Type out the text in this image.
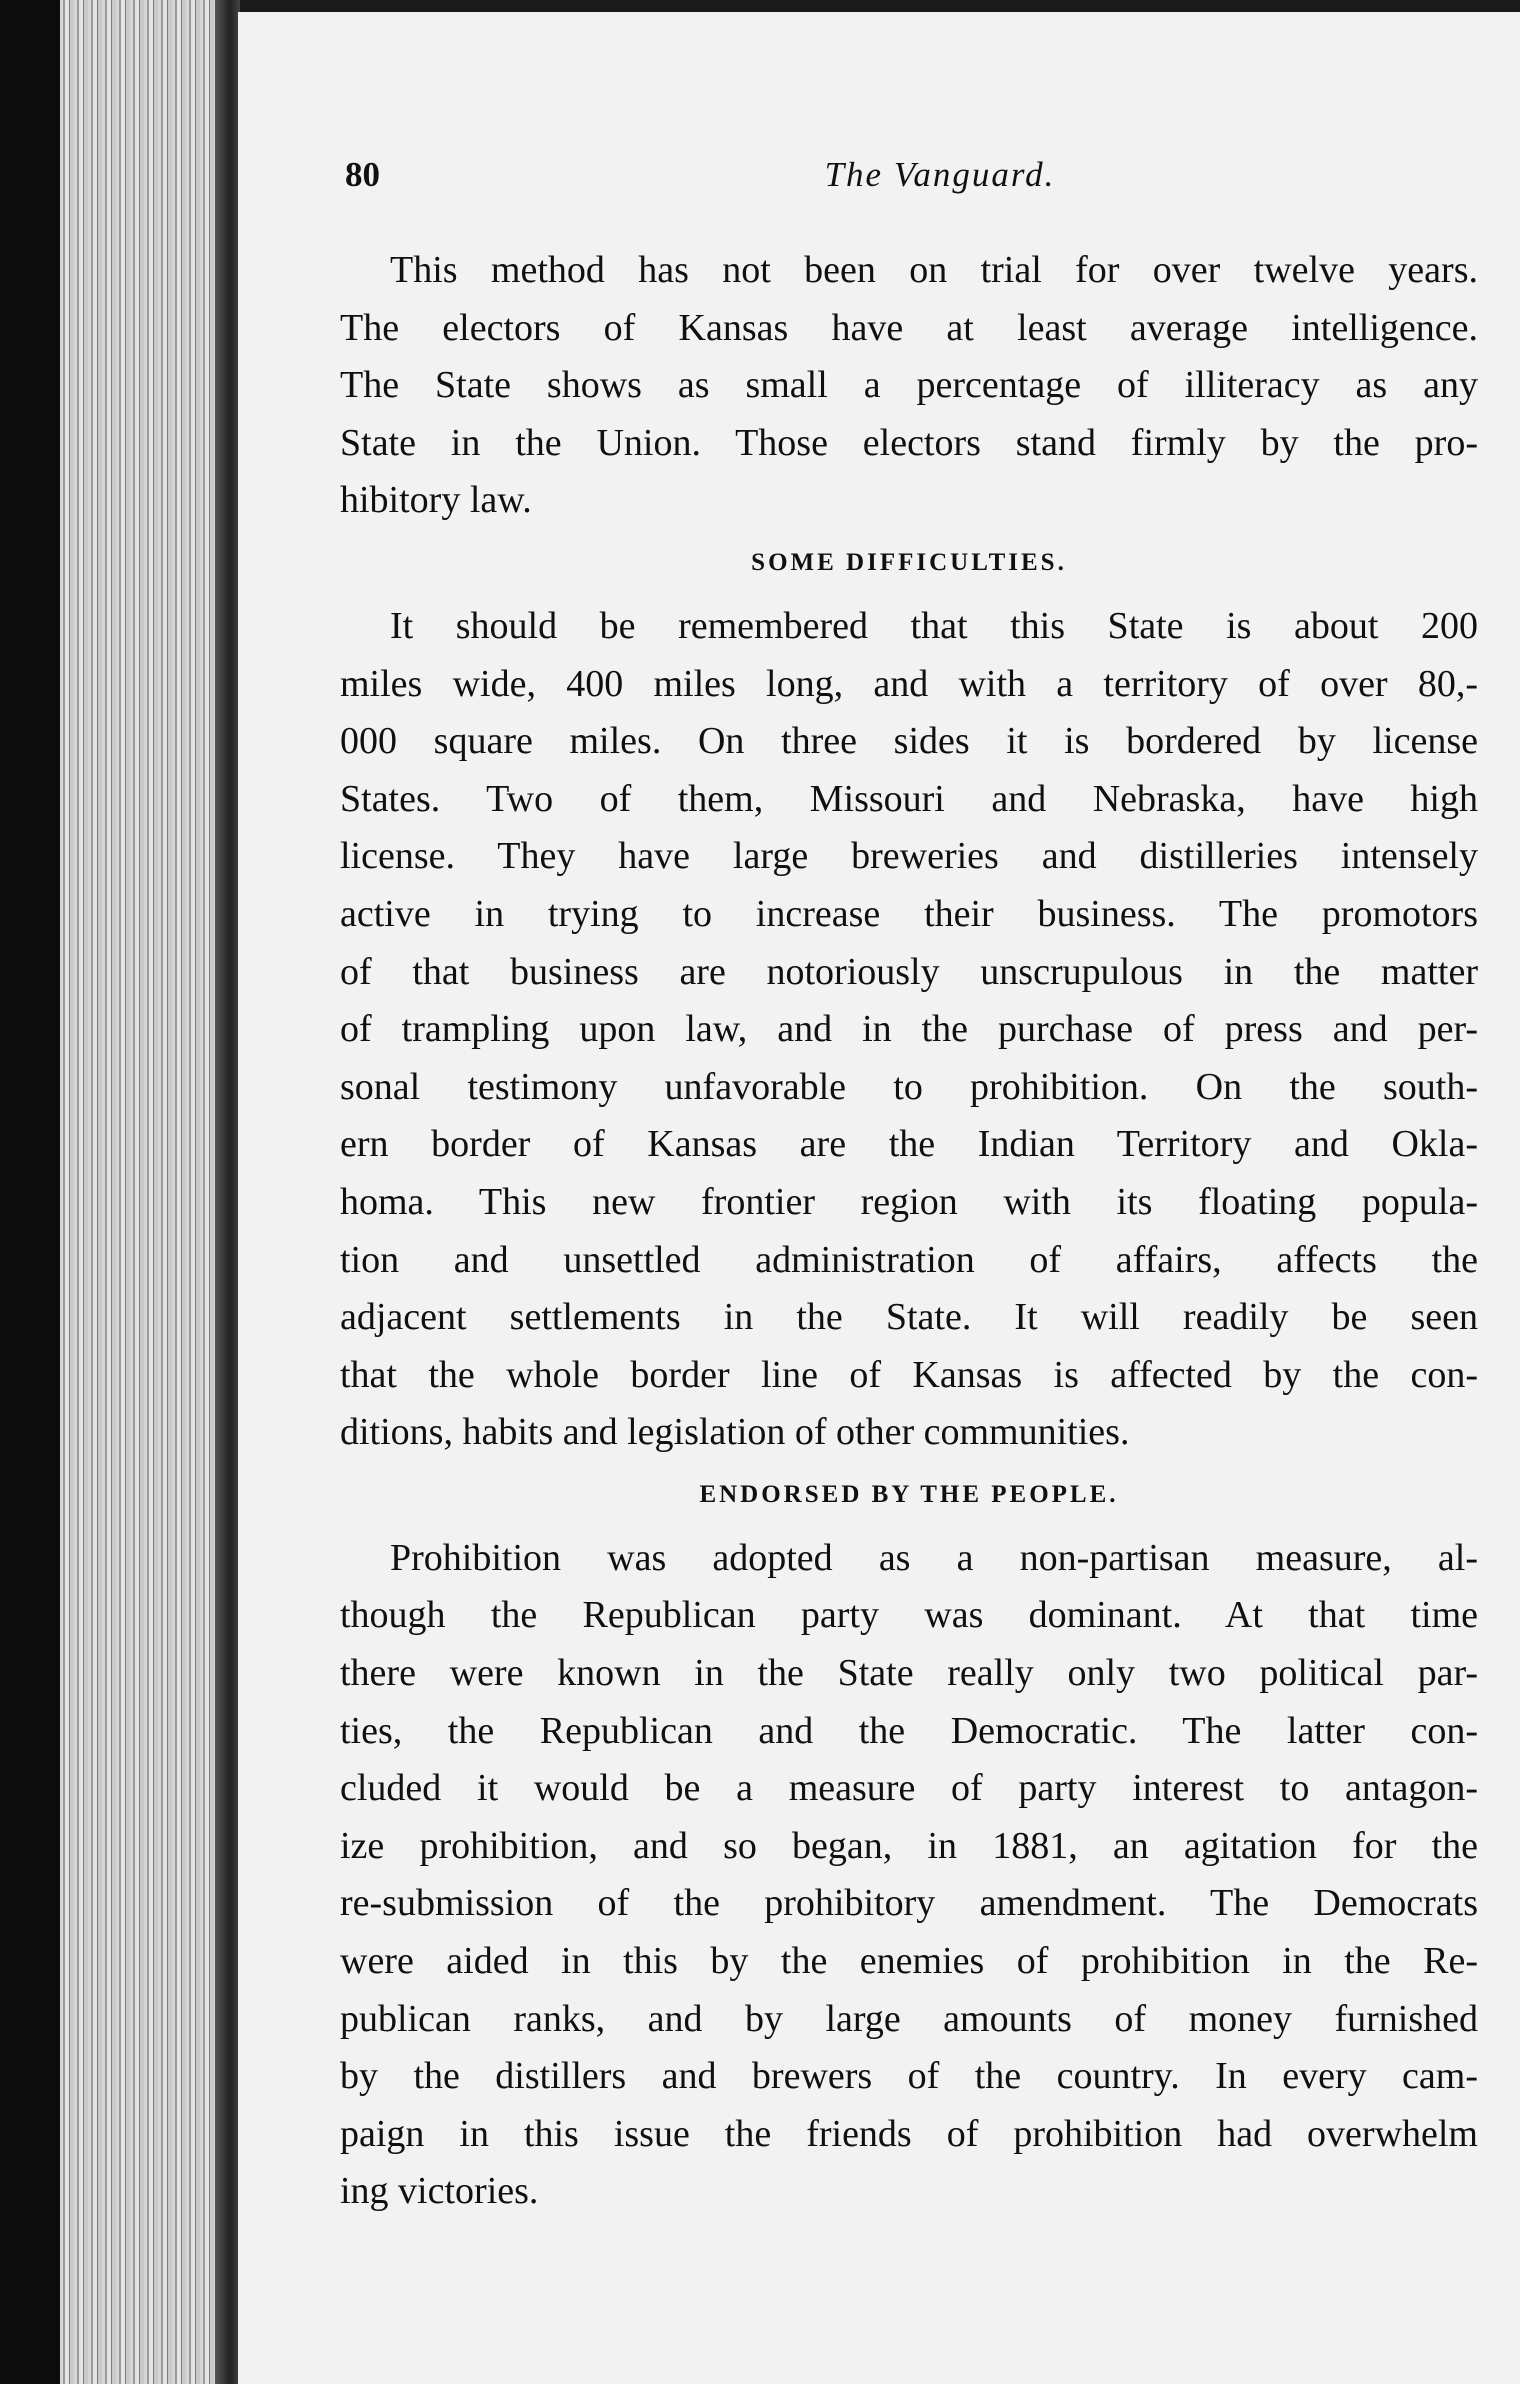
80	The Vanguard.
This method has not been on trial for over twelve years.
The electors of Kansas have at least average intelligence.
The State shows as small a percentage of illiteracy as any
State in the Union. Those electors stand firmly by the pro-
hibitory law.
SOME DIFFICULTIES.
It should be remembered that this State is about 200
miles wide, 400 miles long, and with a territory of over 80,-
000 square miles. On three sides it is bordered by license
States. Two of them, Missouri and Nebraska, have high
license. They have large breweries and distilleries intensely
active in trying to increase their business. The promotors
of that business are notoriously unscrupulous in the matter
of trampling upon law, and in the purchase of press and per-
sonal testimony unfavorable to prohibition. On the south-
ern border of Kansas are the Indian Territory and Okla-
homa. This new frontier region with its floating popula-
tion and unsettled administration of affairs, affects the
adjacent settlements in the State. It will readily be seen
that the whole border line of Kansas is affected by the con-
ditions, habits and legislation of other communities.
ENDORSED BY THE PEOPLE.
Prohibition was adopted as a non-partisan measure, al-
though the Republican party was dominant. At that time
there were known in the State really only two political par-
ties, the Republican and the Democratic. The latter con-
cluded it would be a measure of party interest to antagon-
ize prohibition, and so began, in 1881, an agitation for the
re-submission of the prohibitory amendment. The Democrats
were aided in this by the enemies of prohibition in the Re-
publican ranks, and by large amounts of money furnished
by the distillers and brewers of the country. In every cam-
paign in this issue the friends of prohibition had overwhelm
ing victories.
